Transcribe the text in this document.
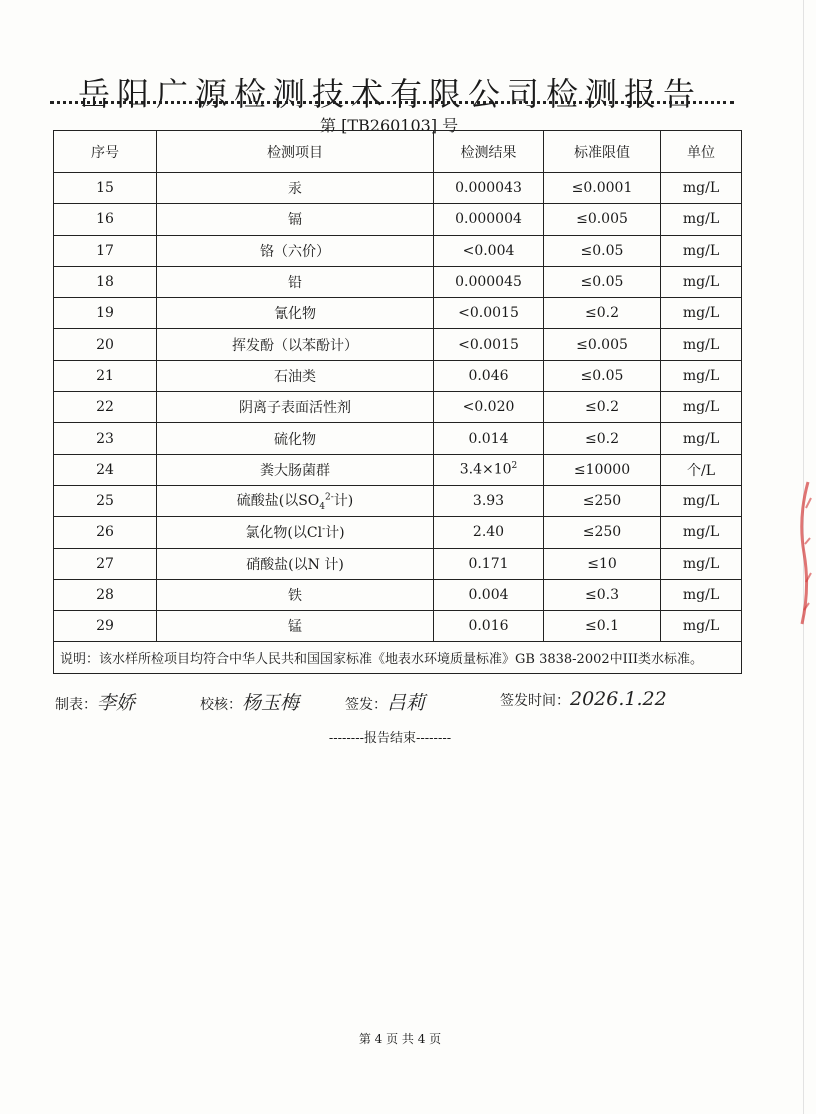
岳阳广源检测技术有限公司检测报告
第 [TB260103] 号
序号	检测项目	检测结果	标准限值	单位
15	汞	0.000043	≤0.0001	mg/L
16	镉	0.000004	≤0.005	mg/L
17	铬（六价）	<0.004	≤0.05	mg/L
18	铅	0.000045	≤0.05	mg/L
19	氰化物	<0.0015	≤0.2	mg/L
20	挥发酚（以苯酚计）	<0.0015	≤0.005	mg/L
21	石油类	0.046	≤0.05	mg/L
22	阴离子表面活性剂	<0.020	≤0.2	mg/L
23	硫化物	0.014	≤0.2	mg/L
24	粪大肠菌群	$3.4\times 10^2$	≤10000	个/L
25	硫酸盐(以$SO_4^{2-}$计)	3.93	≤250	mg/L
26	氯化物(以Cl-计)	2.40	≤250	mg/L
27	硝酸盐(以N 计)	0.171	≤10	mg/L
28	铁	0.004	≤0.3	mg/L
29	锰	0.016	≤0.1	mg/L
说明：该水样所检项目均符合中华人民共和国国家标准《地表水环境质量标准》GB 3838-2002中III类水标准。				
制表：李娇	校核：杨玉梅	签发：吕莉	签发时间：2026.1.22
--------报告结束--------
第 4 页 共 4 页
